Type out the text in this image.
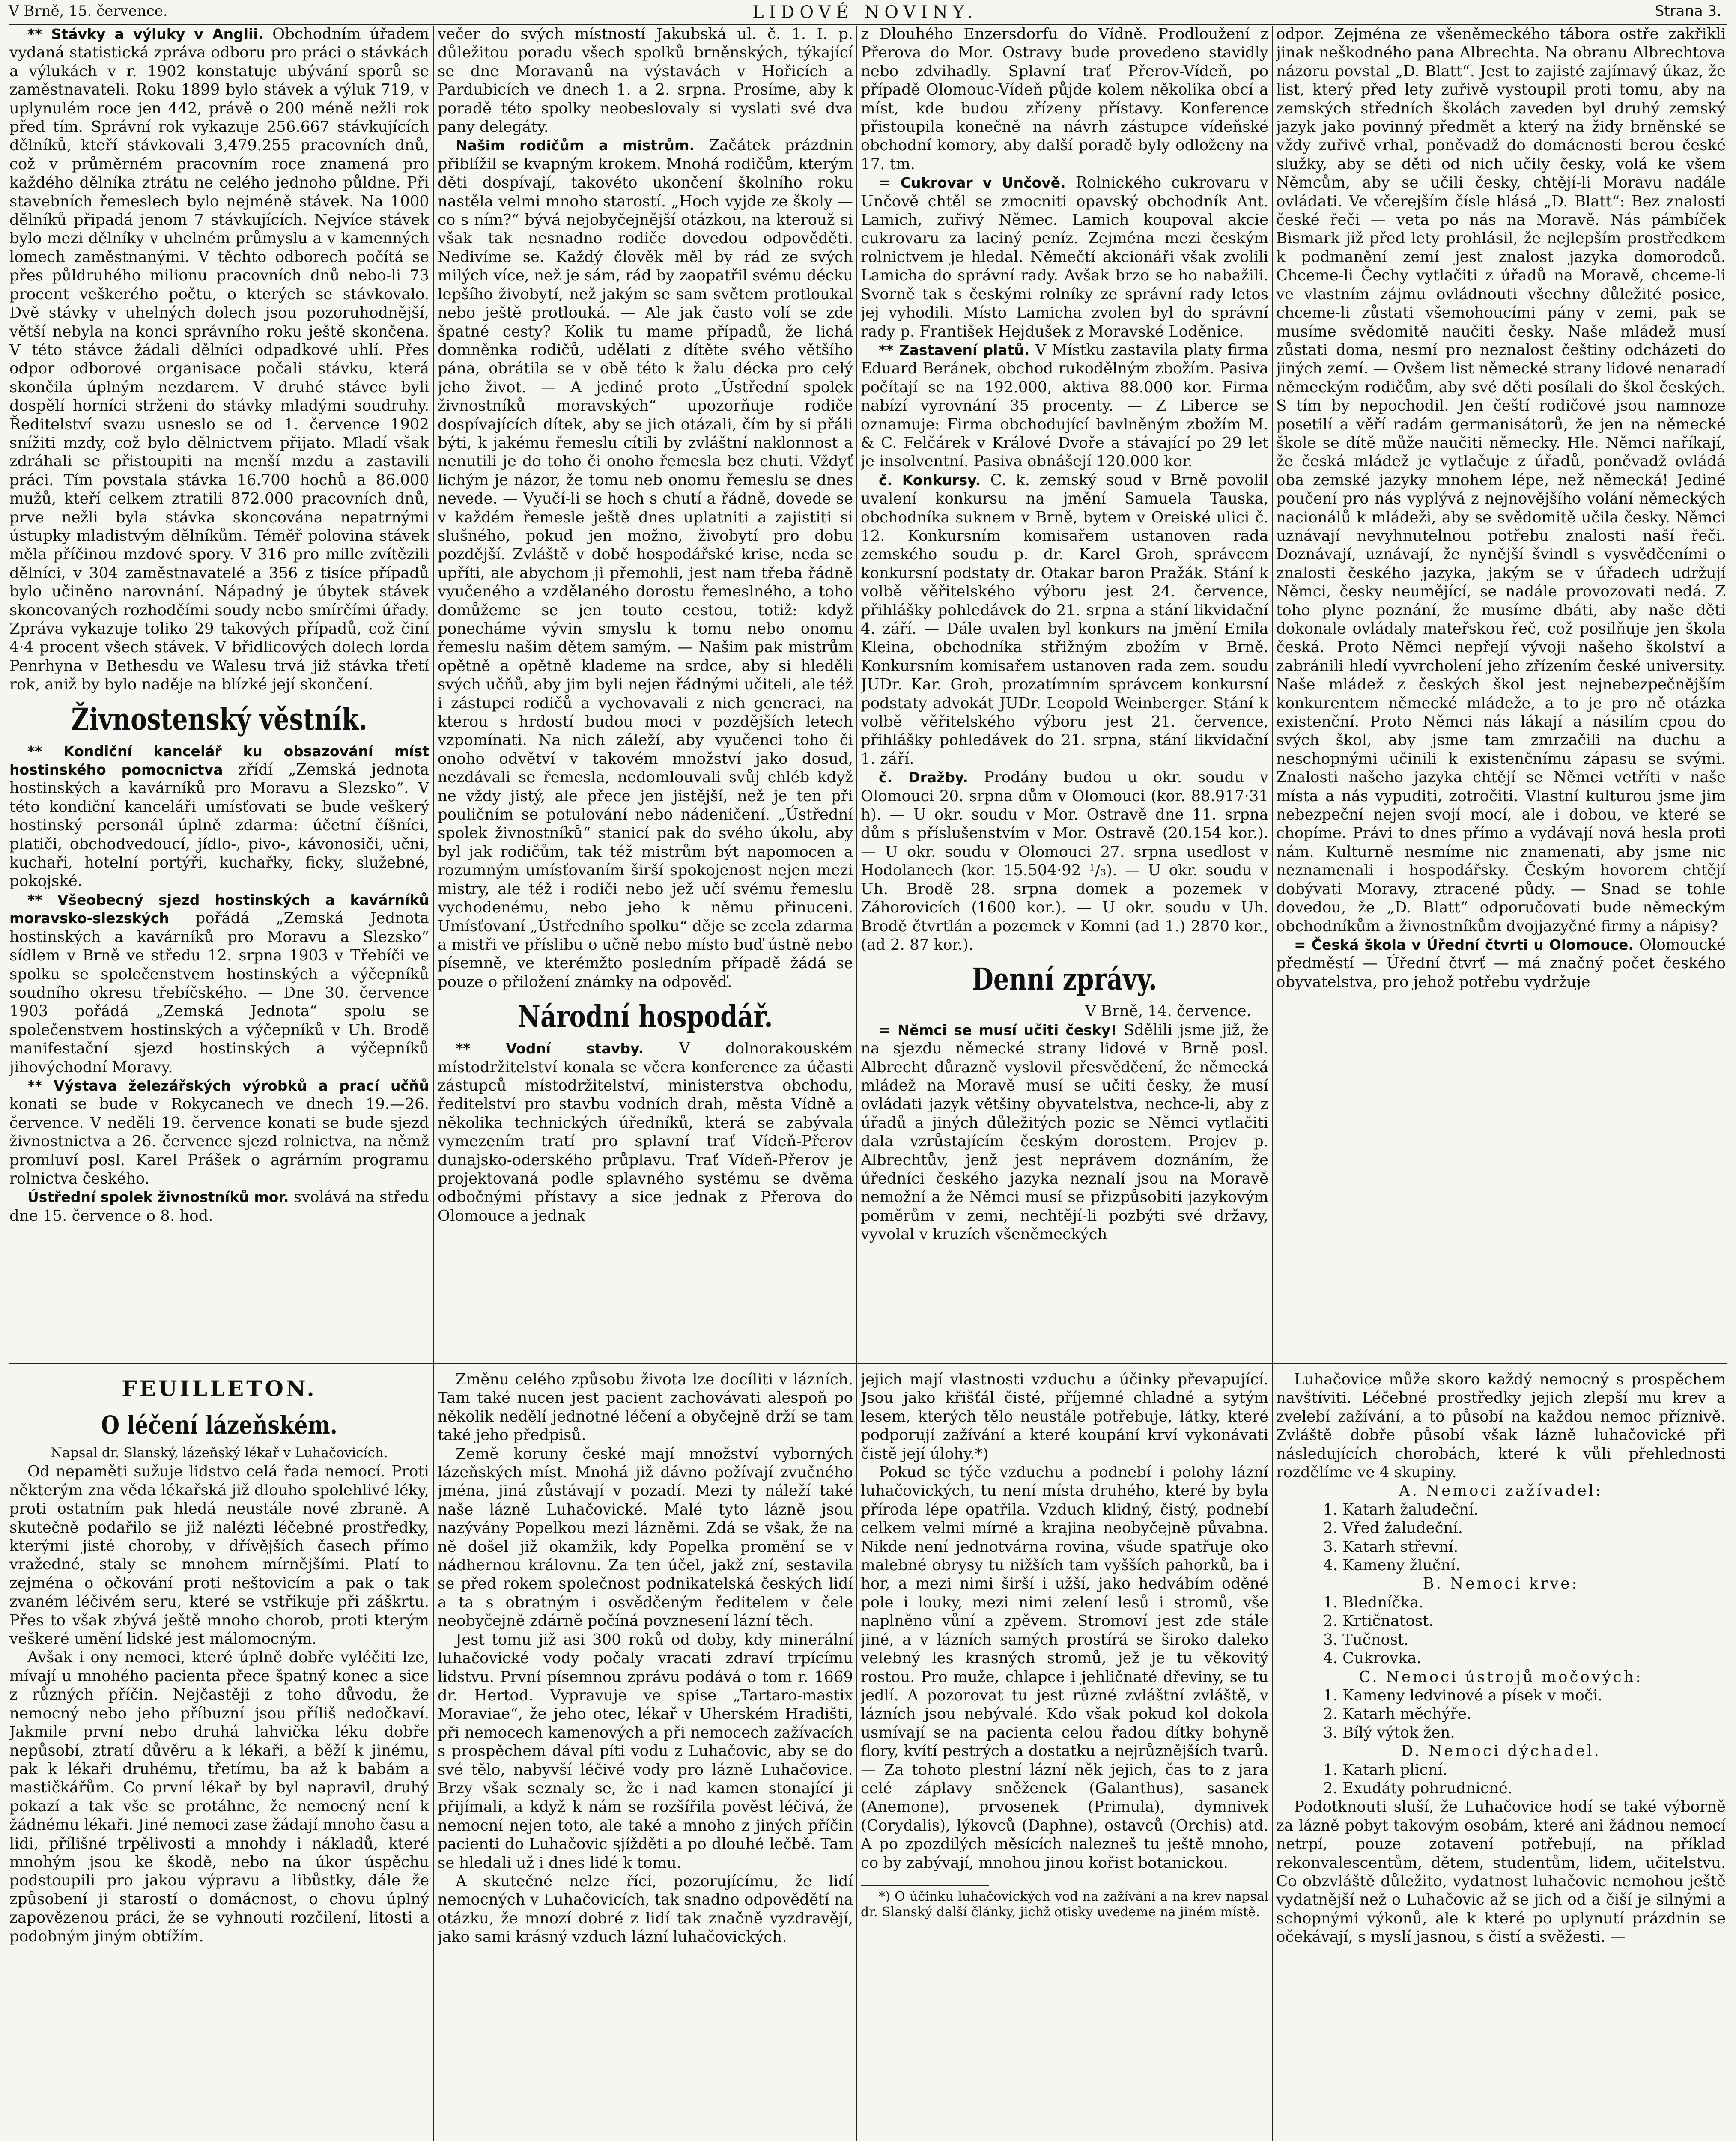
V Brně, 15. července.	LIDOVÉ NOVINY.	Strana 3.

** Stávky a výluky v Anglii. Obchodním úřadem vydaná statistická zpráva odboru pro práci o stávkách a výlukách v r. 1902 konstatuje ubývání sporů se zaměstnavateli. Roku 1899 bylo stávek a výluk 719, v uplynulém roce jen 442, právě o 200 méně nežli rok před tím. Správní rok vykazuje 256.667 stávkujících dělníků, kteří stávkovali 3,479.255 pracovních dnů, což v průměrném pracovním roce znamená pro každého dělníka ztrátu ne celého jednoho půldne. Při stavebních řemeslech bylo nejméně stávek. Na 1000 dělníků připadá jenom 7 stávkujících. Nejvíce stávek bylo mezi dělníky v uhelném průmyslu a v kamenných lomech zaměstnanými. V těchto odborech počítá se přes půldruhého milionu pracovních dnů nebo-li 73 procent veškerého počtu, o kterých se stávkovalo. Dvě stávky v uhelných dolech jsou pozoruhodnější, větší nebyla na konci správního roku ještě skončena. V této stávce žádali dělníci odpadkové uhlí. Přes odpor odborové organisace počali stávku, která skončila úplným nezdarem. V druhé stávce byli dospělí horníci strženi do stávky mladými soudruhy. Ředitelství svazu usneslo se od 1. července 1902 snížiti mzdy, což bylo dělnictvem přijato. Mladí však zdráhali se přistoupiti na menší mzdu a zastavili práci. Tím povstala stávka 16.700 hochů a 86.000 mužů, kteří celkem ztratili 872.000 pracovních dnů, prve nežli byla stávka skoncována nepatrnými ústupky mladistvým dělníkům. Téměř polovina stávek měla příčinou mzdové spory. V 316 pro mille zvítězili dělníci, v 304 zaměstnavatelé a 356 z tisíce případů bylo učiněno narovnání. Nápadný je úbytek stávek skoncovaných rozhodčími soudy nebo smírčími úřady. Zpráva vykazuje toliko 29 takových případů, což činí 4·4 procent všech stávek. V břidlicových dolech lorda Penrhyna v Bethesdu ve Walesu trvá již stávka třetí rok, aniž by bylo naděje na blízké její skončení.

Živnostenský věstník.

** Kondiční kancelář ku obsazování míst hostinského pomocnictva zřídí „Zemská jednota hostinských a kavárníků pro Moravu a Slezsko“. V této kondiční kanceláři umísťovati se bude veškerý hostinský personál úplně zdarma: účetní číšníci, platiči, obchodvedoucí, jídlo-, pivo-, kávonosiči, učni, kuchaři, hotelní portýři, kuchařky, ficky, služebné, pokojské.

** Všeobecný sjezd hostinských a kavárníků moravsko-slezských pořádá „Zemská Jednota hostinských a kavárníků pro Moravu a Slezsko“ sídlem v Brně ve středu 12. srpna 1903 v Třebíči ve spolku se společenstvem hostinských a výčepníků soudního okresu třebíčského. — Dne 30. července 1903 pořádá „Zemská Jednota“ spolu se společenstvem hostinských a výčepníků v Uh. Brodě manifestační sjezd hostinských a výčepníků jihovýchodní Moravy.

** Výstava železářských výrobků a prací učňů konati se bude v Rokycanech ve dnech 19.—26. července. V neděli 19. července konati se bude sjezd živnostnictva a 26. července sjezd rolnictva, na němž promluví posl. Karel Prášek o agrárním programu rolnictva českého.

Ústřední spolek živnostníků mor. svolává na středu dne 15. července o 8. hod.

večer do svých místností Jakubská ul. č. 1. I. p. důležitou poradu všech spolků brněnských, týkající se dne Moravanů na výstavách v Hořicích a Pardubicích ve dnech 1. a 2. srpna. Prosíme, aby k poradě této spolky neobeslovaly si vyslati své dva pany delegáty.

Našim rodičům a mistrům. Začátek prázdnin přiblížil se kvapným krokem. Mnohá rodičům, kterým děti dospívají, takovéto ukončení školního roku nastěla velmi mnoho starostí. „Hoch vyjde ze školy — co s ním?“ bývá nejobyčejnější otázkou, na kterouž si však tak nesnadno rodiče dovedou odpověděti. Nedivíme se. Každý člověk měl by rád ze svých milých více, než je sám, rád by zaopatřil svému décku lepšího živobytí, než jakým se sam světem protloukal nebo ještě protlouká. — Ale jak často volí se zde špatné cesty? Kolik tu mame případů, že lichá domněnka rodičů, udělati z dítěte svého většího pána, obrátila se v obě této k žalu décka pro celý jeho život. — A jediné proto „Ústřední spolek živnostníků moravských“ upozorňuje rodiče dospívajících dítek, aby se jich otázali, čím by si přáli býti, k jakému řemeslu cítili by zvláštní naklonnost a nenutili je do toho či onoho řemesla bez chuti. Vždyť lichým je názor, že tomu neb onomu řemeslu se dnes nevede. — Vyučí-li se hoch s chutí a řádně, dovede se v každém řemesle ještě dnes uplatniti a zajistiti si slušného, pokud jen možno, živobytí pro dobu pozdější. Zvláště v době hospodářské krise, neda se upříti, ale abychom ji přemohli, jest nam třeba řádně vyučeného a vzdělaného dorostu řemeslného, a toho domůžeme se jen touto cestou, totiž: když ponecháme vývin smyslu k tomu nebo onomu řemeslu našim dětem samým. — Našim pak mistrům opětně a opětně klademe na srdce, aby si hleděli svých učňů, aby jim byli nejen řádnými učiteli, ale též i zástupci rodičů a vychovavali z nich generaci, na kterou s hrdostí budou moci v pozdějších letech vzpomínati. Na nich záleží, aby vyučenci toho či onoho odvětví v takovém množství jako dosud, nezdávali se řemesla, nedomlouvali svůj chléb když ne vždy jistý, ale přece jen jistější, než je ten při pouličním se potulování nebo nádeničení. „Ústřední spolek živnostníků“ stanicí pak do svého úkolu, aby byl jak rodičům, tak též mistrům být napomocen a rozumným umísťovaním širší spokojenost nejen mezi mistry, ale též i rodiči nebo jež učí svému řemeslu vychodenému, nebo jeho k němu přinuceni. Umísťovaní „Ústředního spolku“ děje se zcela zdarma a mistři ve příslibu o učně nebo místo buď ústně nebo písemně, ve kterémžto posledním případě žádá se pouze o přiložení známky na odpověď.

Národní hospodář.

** Vodní stavby. V dolnorakouském místodržitelství konala se včera konference za účasti zástupců místodržitelství, ministerstva obchodu, ředitelství pro stavbu vodních drah, města Vídně a několika technických úředníků, která se zabývala vymezením tratí pro splavní trať Vídeň-Přerov dunajsko-oderského průplavu. Trať Vídeň-Přerov je projektovaná podle splavného systému se dvěma odbočnými přístavy a sice jednak z Přerova do Olomouce a jednak

z Dlouhého Enzersdorfu do Vídně. Prodloužení z Přerova do Mor. Ostravy bude provedeno stavidly nebo zdvihadly. Splavní trať Přerov-Vídeň, po případě Olomouc-Vídeň půjde kolem několika obcí a míst, kde budou zřízeny přístavy. Konference přistoupila konečně na návrh zástupce vídeňské obchodní komory, aby další poradě byly odloženy na 17. tm.

= Cukrovar v Unčově. Rolnického cukrovaru v Unčově chtěl se zmocniti opavský obchodník Ant. Lamich, zuřivý Němec. Lamich koupoval akcie cukrovaru za laciný peníz. Zejména mezi českým rolnictvem je hledal. Němečtí akcionáři však zvolili Lamicha do správní rady. Avšak brzo se ho nabažili. Svorně tak s českými rolníky ze správní rady letos jej vyhodili. Místo Lamicha zvolen byl do správní rady p. František Hejdušek z Moravské Loděnice.

** Zastavení platů. V Místku zastavila platy firma Eduard Beránek, obchod rukodělným zbožím. Pasiva počítají se na 192.000, aktiva 88.000 kor. Firma nabízí vyrovnání 35 procenty. — Z Liberce se oznamuje: Firma obchodující bavlněným zbožím M. & C. Felčárek v Králové Dvoře a stávající po 29 let je insolventní. Pasiva obnášejí 120.000 kor.

č. Konkursy. C. k. zemský soud v Brně povolil uvalení konkursu na jmění Samuela Tauska, obchodníka suknem v Brně, bytem v Oreiské ulici č. 12. Konkursním komisařem ustanoven rada zemského soudu p. dr. Karel Groh, správcem konkursní podstaty dr. Otakar baron Pražák. Stání k volbě věřitelského výboru jest 24. července, přihlášky pohledávek do 21. srpna a stání likvidační 4. září. — Dále uvalen byl konkurs na jmění Emila Kleina, obchodníka střižným zbožím v Brně. Konkursním komisařem ustanoven rada zem. soudu JUDr. Kar. Groh, prozatímním správcem konkursní podstaty advokát JUDr. Leopold Weinberger. Stání k volbě věřitelského výboru jest 21. července, přihlášky pohledávek do 21. srpna, stání likvidační 1. září.

č. Dražby. Prodány budou u okr. soudu v Olomouci 20. srpna dům v Olomouci (kor. 88.917·31 h). — U okr. soudu v Mor. Ostravě dne 11. srpna dům s příslušenstvím v Mor. Ostravě (20.154 kor.). — U okr. soudu v Olomouci 27. srpna usedlost v Hodolanech (kor. 15.504·92 ¹/₃). — U okr. soudu v Uh. Brodě 28. srpna domek a pozemek v Záhorovicích (1600 kor.). — U okr. soudu v Uh. Brodě čtvrtlán a pozemek v Komni (ad 1.) 2870 kor., (ad 2. 87 kor.).

Denní zprávy.
V Brně, 14. července.

= Němci se musí učiti česky! Sdělili jsme již, že na sjezdu německé strany lidové v Brně posl. Albrecht důrazně vyslovil přesvědčení, že německá mládež na Moravě musí se učiti česky, že musí ovládati jazyk většiny obyvatelstva, nechce-li, aby z úřadů a jiných důležitých pozic se Němci vytlačiti dala vzrůstajícím českým dorostem. Projev p. Albrechtův, jenž jest neprávem doznáním, že úředníci českého jazyka neznalí jsou na Moravě nemožní a že Němci musí se přizpůsobiti jazykovým poměrům v zemi, nechtějí-li pozbýti své državy, vyvolal v kruzích všeněmeckých

odpor. Zejména ze všeněmeckého tábora ostře zakřikli jinak neškodného pana Albrechta. Na obranu Albrechtova názoru povstal „D. Blatt“. Jest to zajisté zajímavý úkaz, že list, který před lety zuřivě vystoupil proti tomu, aby na zemských středních školách zaveden byl druhý zemský jazyk jako povinný předmět a který na židy brněnské se vždy zuřivě vrhal, poněvadž do domácnosti berou české služky, aby se děti od nich učily česky, volá ke všem Němcům, aby se učili česky, chtějí-li Moravu nadále ovládati. Ve včerejším čísle hlásá „D. Blatt“: Bez znalosti české řeči — veta po nás na Moravě. Nás pámbíček Bismark již před lety prohlásil, že nejlepším prostředkem k podmanění zemí jest znalost jazyka domorodců. Chceme-li Čechy vytlačiti z úřadů na Moravě, chceme-li ve vlastním zájmu ovládnouti všechny důležité posice, chceme-li zůstati všemohoucími pány v zemi, pak se musíme svědomitě naučiti česky. Naše mládež musí zůstati doma, nesmí pro neznalost češtiny odcházeti do jiných zemí. — Ovšem list německé strany lidové nenaradí německým rodičům, aby své děti posílali do škol českých. S tím by nepochodil. Jen čeští rodičové jsou namnoze posetilí a věří radám germanisátorů, že jen na německé škole se dítě může naučiti německy. Hle. Němci naříkají, že česká mládež je vytlačuje z úřadů, poněvadž ovládá oba zemské jazyky mnohem lépe, než německá! Jediné poučení pro nás vyplývá z nejnovějšího volání německých nacionálů k mládeži, aby se svědomitě učila česky. Němci uznávají nevyhnutelnou potřebu znalosti naší řeči. Doznávají, uznávají, že nynější švindl s vysvědčeními o znalosti českého jazyka, jakým se v úřadech udržují Němci, česky neumějící, se nadále provozovati nedá. Z toho plyne poznání, že musíme dbáti, aby naše děti dokonale ovládaly mateřskou řeč, což posilňuje jen škola česká. Proto Němci nepřejí vývoji našeho školství a zabránili hledí vyvrcholení jeho zřízením české university. Naše mládež z českých škol jest nejnebezpečnějším konkurentem německé mládeže, a to je pro ně otázka existenční. Proto Němci nás lákají a násilím cpou do svých škol, aby jsme tam zmrzačili na duchu a neschopnými učinili k existenčnímu zápasu se svými. Znalosti našeho jazyka chtějí se Němci vetříti v naše místa a nás vypuditi, zotročiti. Vlastní kulturou jsme jim nebezpeční nejen svojí mocí, ale i dobou, ve které se chopíme. Právi to dnes přímo a vydávají nová hesla proti nám. Kulturně nesmíme nic znamenati, aby jsme nic neznamenali i hospodářsky. Českým hovorem chtějí dobývati Moravy, ztracené půdy. — Snad se tohle dovedou, že „D. Blatt“ odporučovati bude německým obchodníkům a živnostníkům dvojjazyčné firmy a nápisy?

= Česká škola v Úřední čtvrti u Olomouce. Olomoucké předměstí — Úřední čtvrť — má značný počet českého obyvatelstva, pro jehož potřebu vydržuje

FEUILLETON.
O léčení lázeňském.

Napsal dr. Slanský, lázeňský lékař v Luhačovicích.

Od nepaměti sužuje lidstvo celá řada nemocí. Proti některým zna věda lékařská již dlouho spolehlivé léky, proti ostatním pak hledá neustále nové zbraně. A skutečně podařilo se již nalézti léčebné prostředky, kterými jisté choroby, v dřívějších časech přímo vražedné, staly se mnohem mírnějšími. Platí to zejména o očkování proti neštovicím a pak o tak zvaném léčivém seru, které se vstřikuje při záškrtu. Přes to však zbývá ještě mnoho chorob, proti kterým veškeré umění lidské jest málomocným.

Avšak i ony nemoci, které úplně dobře vyléčiti lze, mívají u mnohého pacienta přece špatný konec a sice z různých příčin. Nejčastěji z toho důvodu, že nemocný nebo jeho příbuzní jsou příliš nedočkaví. Jakmile první nebo druhá lahvička léku dobře nepůsobí, ztratí důvěru a k lékaři, a běží k jinému, pak k lékaři druhému, třetímu, ba až k babám a mastičkářům. Co první lékař by byl napravil, druhý pokazí a tak vše se protáhne, že nemocný není k žádnému lékaři. Jiné nemoci zase žádají mnoho času a lidi, přílišné trpělivosti a mnohdy i nákladů, které mnohým jsou ke škodě, nebo na úkor úspěchu podstoupili pro jakou výpravu a libůstky, dále že způsobení ji starostí o domácnost, o chovu úplný zapovězenou práci, že se vyhnouti rozčilení, litosti a podobným jiným obtížím.

Změnu celého způsobu života lze docíliti v lázních. Tam také nucen jest pacient zachovávati alespoň po několik nedělí jednotné léčení a obyčejně drží se tam také jeho předpisů.

Země koruny české mají množství vyborných lázeňských míst. Mnohá již dávno požívají zvučného jména, jiná zůstávají v pozadí. Mezi ty náleží také naše lázně Luhačovické. Malé tyto lázně jsou nazývány Popelkou mezi lázněmi. Zdá se však, že na ně došel již okamžik, kdy Popelka promění se v nádhernou královnu. Za ten účel, jakž zní, sestavila se před rokem společnost podnikatelská českých lidí a ta s obratným i osvědčeným ředitelem v čele neobyčejně zdárně počíná povznesení lázní těch.

Jest tomu již asi 300 roků od doby, kdy minerální luhačovické vody počaly vracati zdraví trpícímu lidstvu. První písemnou zprávu podává o tom r. 1669 dr. Hertod. Vypravuje ve spise „Tartaro-mastix Moraviae“, že jeho otec, lékař v Uherském Hradišti, při nemocech kamenových a při nemocech zažívacích s prospěchem dával píti vodu z Luhačovic, aby se do své tělo, nabyvší léčivé vody pro lázně Luhačovice. Brzy však seznaly se, že i nad kamen stonající ji přijímali, a když k nám se rozšířila pověst léčivá, že nemocní nejen toto, ale také a mnoho z jiných příčin pacienti do Luhačovic sjížděti a po dlouhé lečbě. Tam se hledali už i dnes lidé k tomu.

A skutečné nelze říci, pozorujícímu, že lidí nemocných v Luhačovicích, tak snadno odpovědětí na otázku, že mnozí dobré z lidí tak značně vyzdravějí, jako sami krásný vzduch lázní luhačovických.

jejich mají vlastnosti vzduchu a účinky převapující. Jsou jako křišťál čisté, příjemné chladné a sytým lesem, kterých tělo neustále potřebuje, látky, které podporují zažívání a které koupání krví vykonávati čistě její úlohy.*)

Pokud se týče vzduchu a podnebí i polohy lázní luhačovických, tu není místa druhého, které by byla příroda lépe opatřila. Vzduch klidný, čistý, podnebí celkem velmi mírné a krajina neobyčejně půvabna. Nikde není jednotvárna rovina, všude spatřuje oko malebné obrysy tu nižších tam vyšších pahorků, ba i hor, a mezi nimi širší i užší, jako hedvábím oděné pole i louky, mezi nimi zelení lesů i stromů, vše naplněno vůní a zpěvem. Stromoví jest zde stále jiné, a v lázních samých prostírá se široko daleko velebný les krasných stromů, jež je tu věkovitý rostou. Pro muže, chlapce i jehličnaté dřeviny, se tu jedlí. A pozorovat tu jest různé zvláštní zvláště, v lázních jsou nebývalé. Kdo však pokud kol dokola usmívají se na pacienta celou řadou dítky bohyně flory, kvítí pestrých a dostatku a nejrůznějších tvarů. — Za tohoto plestní lázní něk jejich, čas to z jara celé záplavy sněženek (Galanthus), sasanek (Anemone), prvosenek (Primula), dymnivek (Corydalis), lýkovců (Daphne), ostavců (Orchis) atd. A po zpozdilých měsících nalezneš tu ještě mnoho, co by zabývají, mnohou jinou kořist botanickou.

*) O účinku luhačovických vod na zažívání a na krev napsal dr. Slanský další články, jichž otisky uvedeme na jiném místě.

Luhačovice může skoro každý nemocný s prospěchem navštíviti. Léčebné prostředky jejich zlepší mu krev a zvelebí zažívání, a to působí na každou nemoc příznivě. Zvláště dobře působí však lázně luhačovické při následujících chorobách, které k vůli přehlednosti rozdělíme ve 4 skupiny.

A. Nemoci zažívadel:

1. Katarh žaludeční.

2. Vřed žaludeční.

3. Katarh střevní.

4. Kameny žluční.

B. Nemoci krve:

1. Bledníčka.

2. Krtičnatost.

3. Tučnost.

4. Cukrovka.

C. Nemoci ústrojů močových:

1. Kameny ledvinové a písek v moči.

2. Katarh měchýře.

3. Bílý výtok žen.

D. Nemoci dýchadel.

1. Katarh plicní.

2. Exudáty pohrudnicné.

Podotknouti sluší, že Luhačovice hodí se také výborně za lázně pobyt takovým osobám, které ani žádnou nemocí netrpí, pouze zotavení potřebují, na příklad rekonvalescentům, dětem, studentům, lidem, učitelstvu. Co obzvláště důležito, vydatnost luhačovic nemohou ještě vydatnější než o Luhačovic až se jich od a čiší je silnými a schopnými výkonů, ale k které po uplynutí prázdnin se očekávají, s myslí jasnou, s čistí a svěžesti. —
